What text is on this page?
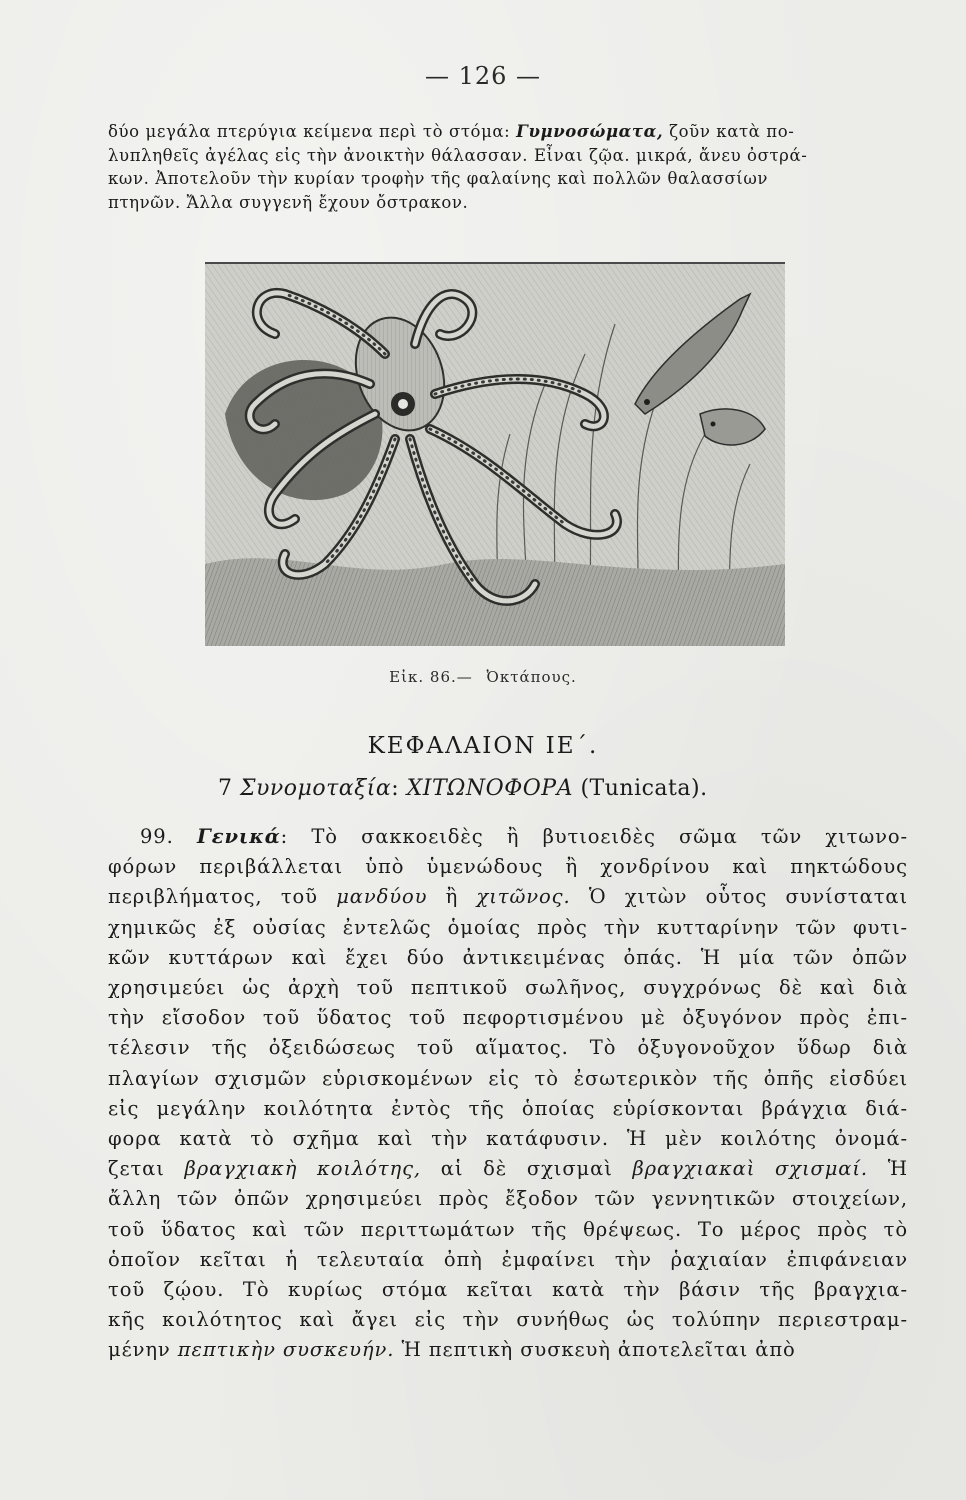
— 126 —
δύο μεγάλα πτερύγια κείμενα περὶ τὸ στόμα: Γυμνοσώματα, ζοῦν κατὰ πο-
λυπληθεῖς ἀγέλας εἰς τὴν ἀνοικτὴν θάλασσαν. Εἶναι ζῷα. μικρά, ἄνευ ὀστρά-
κων. Ἀποτελοῦν τὴν κυρίαν τροφὴν τῆς φαλαίνης καὶ πολλῶν θαλασσίων
πτηνῶν. Ἄλλα συγγενῆ ἔχουν ὄστρακον.
Εἰκ. 86.— Ὀκτάπους.
ΚΕΦΑΛΑΙΟΝ ΙΕ΄.
7 Συνομοταξία: ΧΙΤΩΝΟΦΟΡΑ (Tunicata).
99. Γενικά: Τὸ σακκοειδὲς ἢ βυτιοειδὲς σῶμα τῶν χιτωνο-
φόρων περιβάλλεται ὑπὸ ὑμενώδους ἢ χονδρίνου καὶ πηκτώδους
περιβλήματος, τοῦ μανδύου ἢ χιτῶνος. Ὁ χιτὼν οὗτος συνίσταται
χημικῶς ἐξ οὐσίας ἐντελῶς ὁμοίας πρὸς τὴν κυτταρίνην τῶν φυτι-
κῶν κυττάρων καὶ ἔχει δύο ἀντικειμένας ὀπάς. Ἡ μία τῶν ὀπῶν
χρησιμεύει ὡς ἀρχὴ τοῦ πεπτικοῦ σωλῆνος, συγχρόνως δὲ καὶ διὰ
τὴν εἴσοδον τοῦ ὕδατος τοῦ πεφορτισμένου μὲ ὀξυγόνον πρὸς ἐπι-
τέλεσιν τῆς ὀξειδώσεως τοῦ αἵματος. Τὸ ὀξυγονοῦχον ὕδωρ διὰ
πλαγίων σχισμῶν εὑρισκομένων εἰς τὸ ἐσωτερικὸν τῆς ὀπῆς εἰσδύει
εἰς μεγάλην κοιλότητα ἐντὸς τῆς ὁποίας εὑρίσκονται βράγχια διά-
φορα κατὰ τὸ σχῆμα καὶ τὴν κατάφυσιν. Ἡ μὲν κοιλότης ὀνομά-
ζεται βραγχιακὴ κοιλότης, αἱ δὲ σχισμαὶ βραγχιακαὶ σχισμαί. Ἡ
ἄλλη τῶν ὀπῶν χρησιμεύει πρὸς ἔξοδον τῶν γεννητικῶν στοιχείων,
τοῦ ὕδατος καὶ τῶν περιττωμάτων τῆς θρέψεως. Το μέρος πρὸς τὸ
ὁποῖον κεῖται ἡ τελευταία ὀπὴ ἐμφαίνει τὴν ῥαχιαίαν ἐπιφάνειαν
τοῦ ζῴου. Τὸ κυρίως στόμα κεῖται κατὰ τὴν βάσιν τῆς βραγχια-
κῆς κοιλότητος καὶ ἄγει εἰς τὴν συνήθως ὡς τολύπην περιεστραμ-
μένην πεπτικὴν συσκευήν. Ἡ πεπτικὴ συσκευὴ ἀποτελεῖται ἀπὸ
